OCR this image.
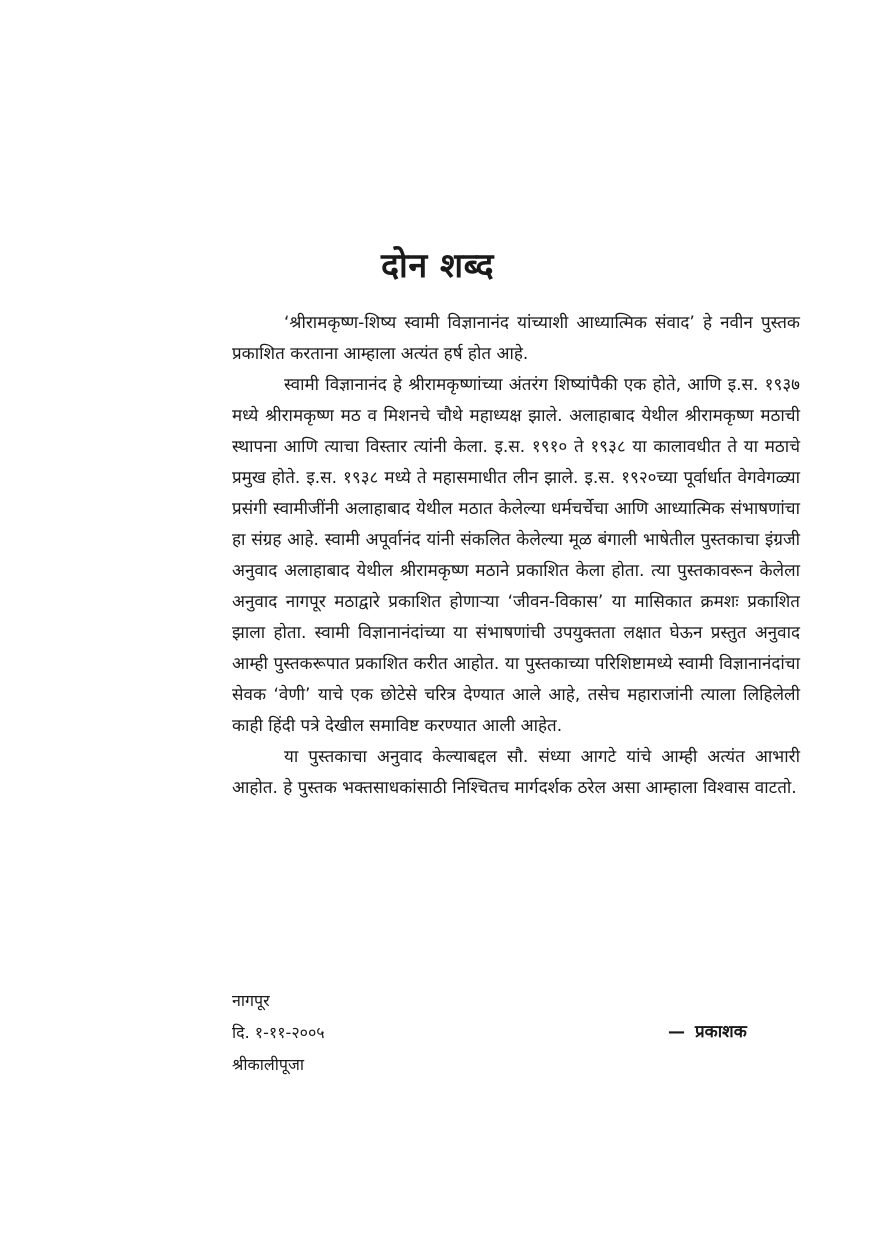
दोन शब्द

‘श्रीरामकृष्ण-शिष्य स्वामी विज्ञानानंद यांच्याशी आध्यात्मिक संवाद’ हे नवीन पुस्तक प्रकाशित करताना आम्हाला अत्यंत हर्ष होत आहे.

स्वामी विज्ञानानंद हे श्रीरामकृष्णांच्या अंतरंग शिष्यांपैकी एक होते, आणि इ.स. १९३७ मध्ये श्रीरामकृष्ण मठ व मिशनचे चौथे महाध्यक्ष झाले. अलाहाबाद येथील श्रीरामकृष्ण मठाची स्थापना आणि त्याचा विस्तार त्यांनी केला. इ.स. १९१० ते १९३८ या कालावधीत ते या मठाचे प्रमुख होते. इ.स. १९३८ मध्ये ते महासमाधीत लीन झाले. इ.स. १९२०च्या पूर्वार्धात वेगवेगळ्या प्रसंगी स्वामीजींनी अलाहाबाद येथील मठात केलेल्या धर्मचर्चेचा आणि आध्यात्मिक संभाषणांचा हा संग्रह आहे. स्वामी अपूर्वानंद यांनी संकलित केलेल्या मूळ बंगाली भाषेतील पुस्तकाचा इंग्रजी अनुवाद अलाहाबाद येथील श्रीरामकृष्ण मठाने प्रकाशित केला होता. त्या पुस्तकावरून केलेला अनुवाद नागपूर मठाद्वारे प्रकाशित होणाऱ्या ‘जीवन-विकास’ या मासिकात क्रमशः प्रकाशित झाला होता. स्वामी विज्ञानानंदांच्या या संभाषणांची उपयुक्तता लक्षात घेऊन प्रस्तुत अनुवाद आम्ही पुस्तकरूपात प्रकाशित करीत आहोत. या पुस्तकाच्या परिशिष्टामध्ये स्वामी विज्ञानानंदांचा सेवक ‘वेणी’ याचे एक छोटेसे चरित्र देण्यात आले आहे, तसेच महाराजांनी त्याला लिहिलेली काही हिंदी पत्रे देखील समाविष्ट करण्यात आली आहेत.

या पुस्तकाचा अनुवाद केल्याबद्दल सौ. संध्या आगटे यांचे आम्ही अत्यंत आभारी आहोत. हे पुस्तक भक्तसाधकांसाठी निश्चितच मार्गदर्शक ठरेल असा आम्हाला विश्वास वाटतो.

नागपूर
दि. १-११-२००५
श्रीकालीपूजा
— प्रकाशक
